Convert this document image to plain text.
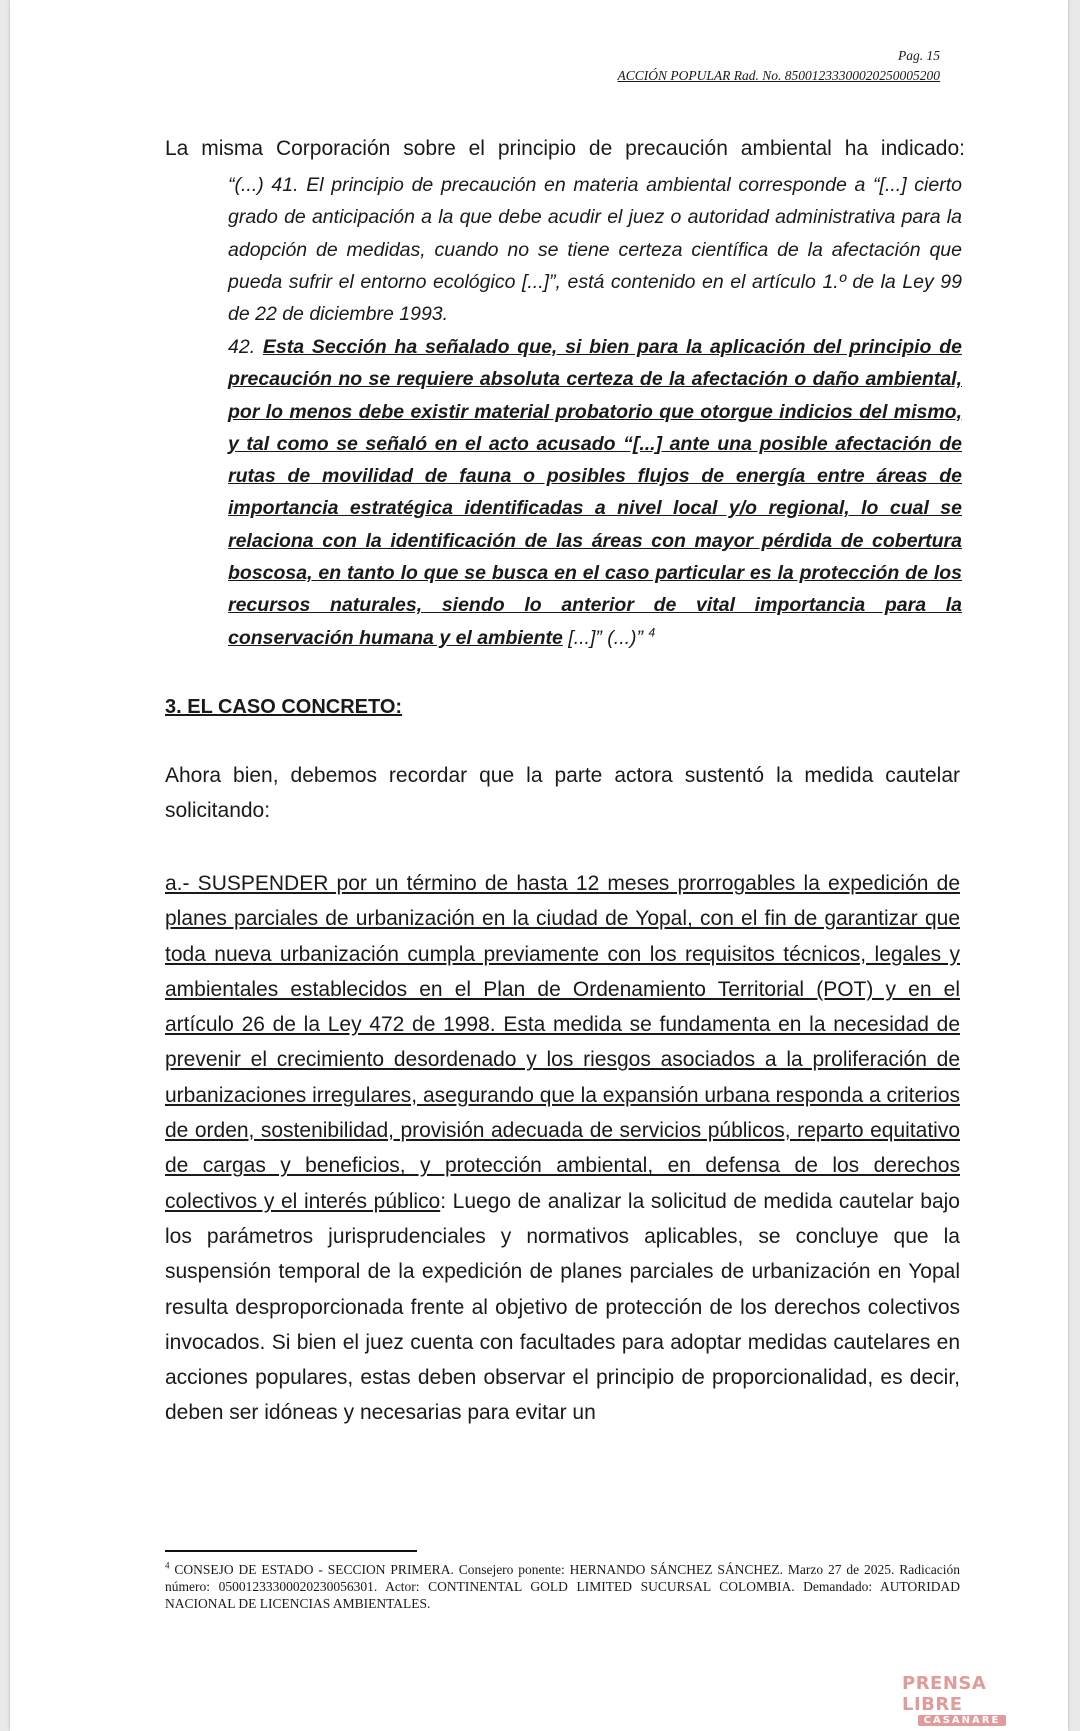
Pag. 15
ACCIÓN POPULAR Rad. No. 85001233300020250005200
La misma Corporación sobre el principio de precaución ambiental ha indicado:
“(...) 41. El principio de precaución en materia ambiental corresponde a “[...] cierto grado de anticipación a la que debe acudir el juez o autoridad administrativa para la adopción de medidas, cuando no se tiene certeza científica de la afectación que pueda sufrir el entorno ecológico [...]”, está contenido en el artículo 1.º de la Ley 99 de 22 de diciembre 1993.
42. Esta Sección ha señalado que, si bien para la aplicación del principio de precaución no se requiere absoluta certeza de la afectación o daño ambiental, por lo menos debe existir material probatorio que otorgue indicios del mismo, y tal como se señaló en el acto acusado “[...] ante una posible afectación de rutas de movilidad de fauna o posibles flujos de energía entre áreas de importancia estratégica identificadas a nivel local y/o regional, lo cual se relaciona con la identificación de las áreas con mayor pérdida de cobertura boscosa, en tanto lo que se busca en el caso particular es la protección de los recursos naturales, siendo lo anterior de vital importancia para la conservación humana y el ambiente [...]” (...)” $^4$
3. EL CASO CONCRETO:
Ahora bien, debemos recordar que la parte actora sustentó la medida cautelar solicitando:
a.- SUSPENDER por un término de hasta 12 meses prorrogables la expedición de planes parciales de urbanización en la ciudad de Yopal, con el fin de garantizar que toda nueva urbanización cumpla previamente con los requisitos técnicos, legales y ambientales establecidos en el Plan de Ordenamiento Territorial (POT) y en el artículo 26 de la Ley 472 de 1998. Esta medida se fundamenta en la necesidad de prevenir el crecimiento desordenado y los riesgos asociados a la proliferación de urbanizaciones irregulares, asegurando que la expansión urbana responda a criterios de orden, sostenibilidad, provisión adecuada de servicios públicos, reparto equitativo de cargas y beneficios, y protección ambiental, en defensa de los derechos colectivos y el interés público: Luego de analizar la solicitud de medida cautelar bajo los parámetros jurisprudenciales y normativos aplicables, se concluye que la suspensión temporal de la expedición de planes parciales de urbanización en Yopal resulta desproporcionada frente al objetivo de protección de los derechos colectivos invocados. Si bien el juez cuenta con facultades para adoptar medidas cautelares en acciones populares, estas deben observar el principio de proporcionalidad, es decir, deben ser idóneas y necesarias para evitar un
$^4$ CONSEJO DE ESTADO - SECCION PRIMERA. Consejero ponente: HERNANDO SÁNCHEZ SÁNCHEZ. Marzo 27 de 2025. Radicación número: 05001233300020230056301. Actor: CONTINENTAL GOLD LIMITED SUCURSAL COLOMBIA. Demandado: AUTORIDAD NACIONAL DE LICENCIAS AMBIENTALES.
PRENSA LIBRE
CASANARE
